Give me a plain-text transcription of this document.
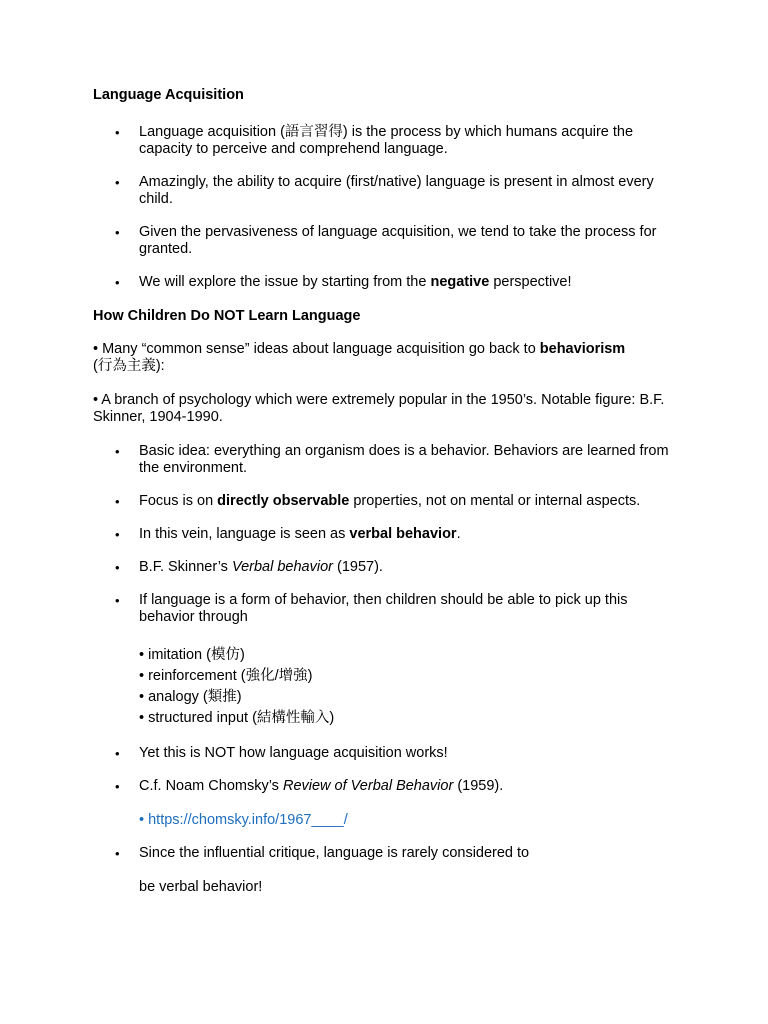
Language Acquisition

• Language acquisition (語言習得) is the process by which humans acquire the capacity to perceive and comprehend language.
• Amazingly, the ability to acquire (first/native) language is present in almost every child.
• Given the pervasiveness of language acquisition, we tend to take the process for granted.
• We will explore the issue by starting from the negative perspective!

How Children Do NOT Learn Language

• Many “common sense” ideas about language acquisition go back to behaviorism
(行為主義):

• A branch of psychology which were extremely popular in the 1950’s. Notable figure: B.F. Skinner, 1904-1990.

• Basic idea: everything an organism does is a behavior. Behaviors are learned from the environment.
• Focus is on directly observable properties, not on mental or internal aspects.
• In this vein, language is seen as verbal behavior.
• B.F. Skinner’s Verbal behavior (1957).
• If language is a form of behavior, then children should be able to pick up this behavior through
• imitation (模仿)
• reinforcement (強化/增強)
• analogy (類推)
• structured input (結構性輸入)
• Yet this is NOT how language acquisition works!
• C.f. Noam Chomsky’s Review of Verbal Behavior (1959).
• https://chomsky.info/1967____/
• Since the influential critique, language is rarely considered to
be verbal behavior!
